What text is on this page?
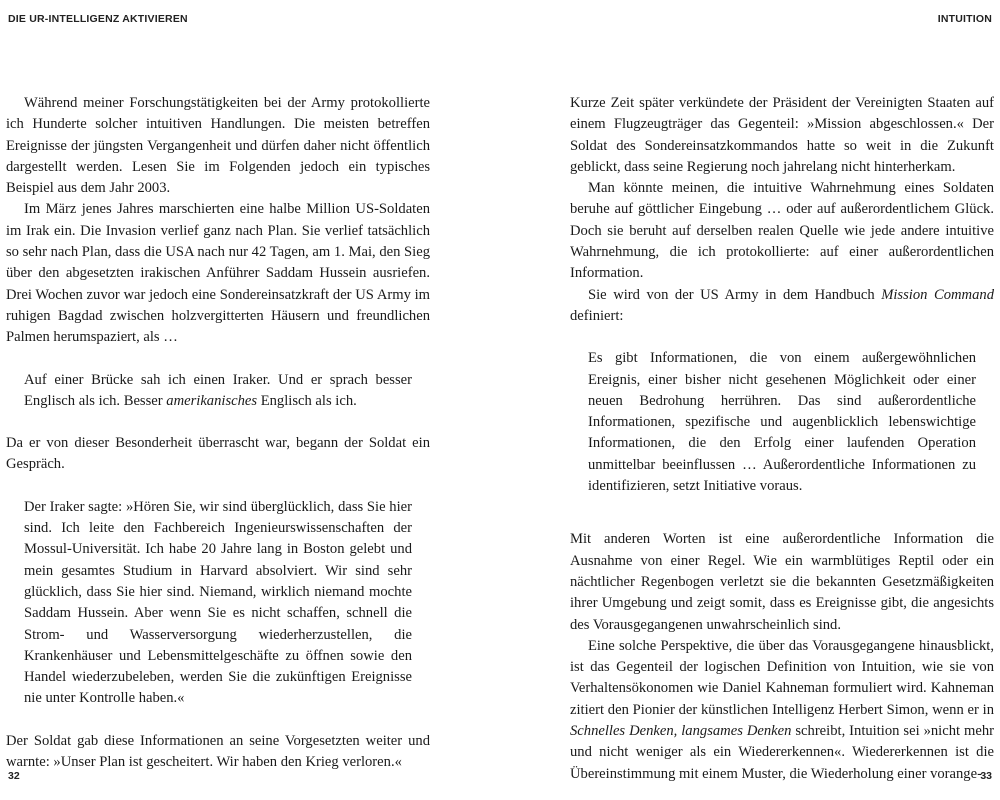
DIE UR-INTELLIGENZ AKTIVIEREN	INTUITION

Während meiner Forschungstätigkeiten bei der Army protokollierte ich Hunderte solcher intuitiven Handlungen. Die meisten betreffen Ereignisse der jüngsten Vergangenheit und dürfen daher nicht öffentlich dargestellt werden. Lesen Sie im Folgenden jedoch ein typisches Beispiel aus dem Jahr 2003.

Im März jenes Jahres marschierten eine halbe Million US-Soldaten im Irak ein. Die Invasion verlief ganz nach Plan. Sie verlief tatsächlich so sehr nach Plan, dass die USA nach nur 42 Tagen, am 1. Mai, den Sieg über den abgesetzten irakischen Anführer Saddam Hussein ausriefen. Drei Wochen zuvor war jedoch eine Sondereinsatzkraft der US Army im ruhigen Bagdad zwischen holzvergitterten Häusern und freundlichen Palmen herumspaziert, als …

Auf einer Brücke sah ich einen Iraker. Und er sprach besser Englisch als ich. Besser amerikanisches Englisch als ich.

Da er von dieser Besonderheit überrascht war, begann der Soldat ein Gespräch.

Der Iraker sagte: »Hören Sie, wir sind überglücklich, dass Sie hier sind. Ich leite den Fachbereich Ingenieurswissenschaften der Mossul-Universität. Ich habe 20 Jahre lang in Boston gelebt und mein gesamtes Studium in Harvard absolviert. Wir sind sehr glücklich, dass Sie hier sind. Niemand, wirklich niemand mochte Saddam Hussein. Aber wenn Sie es nicht schaffen, schnell die Strom- und Wasserversorgung wiederherzustellen, die Krankenhäuser und Lebensmittelgeschäfte zu öffnen sowie den Handel wiederzubeleben, werden Sie die zukünftigen Ereignisse nie unter Kontrolle haben.«

Der Soldat gab diese Informationen an seine Vorgesetzten weiter und warnte: »Unser Plan ist gescheitert. Wir haben den Krieg verloren.«

Kurze Zeit später verkündete der Präsident der Vereinigten Staaten auf einem Flugzeugträger das Gegenteil: »Mission abgeschlossen.« Der Soldat des Sondereinsatzkommandos hatte so weit in die Zukunft geblickt, dass seine Regierung noch jahrelang nicht hinterherkam.

Man könnte meinen, die intuitive Wahrnehmung eines Soldaten beruhe auf göttlicher Eingebung … oder auf außerordentlichem Glück. Doch sie beruht auf derselben realen Quelle wie jede andere intuitive Wahrnehmung, die ich protokollierte: auf einer außerordentlichen Information.

Sie wird von der US Army in dem Handbuch Mission Command definiert:

Es gibt Informationen, die von einem außergewöhnlichen Ereignis, einer bisher nicht gesehenen Möglichkeit oder einer neuen Bedrohung herrühren. Das sind außerordentliche Informationen, spezifische und augenblicklich lebenswichtige Informationen, die den Erfolg einer laufenden Operation unmittelbar beeinflussen … Außerordentliche Informationen zu identifizieren, setzt Initiative voraus.

Mit anderen Worten ist eine außerordentliche Information die Ausnahme von einer Regel. Wie ein warmblütiges Reptil oder ein nächtlicher Regenbogen verletzt sie die bekannten Gesetzmäßigkeiten ihrer Umgebung und zeigt somit, dass es Ereignisse gibt, die angesichts des Vorausgegangenen unwahrscheinlich sind.

Eine solche Perspektive, die über das Vorausgegangene hinausblickt, ist das Gegenteil der logischen Definition von Intuition, wie sie von Verhaltensökonomen wie Daniel Kahneman formuliert wird. Kahneman zitiert den Pionier der künstlichen Intelligenz Herbert Simon, wenn er in Schnelles Denken, langsames Denken schreibt, Intuition sei »nicht mehr und nicht weniger als ein Wiedererkennen«. Wiedererkennen ist die Übereinstimmung mit einem Muster, die Wiederholung einer vorange-

32	33
